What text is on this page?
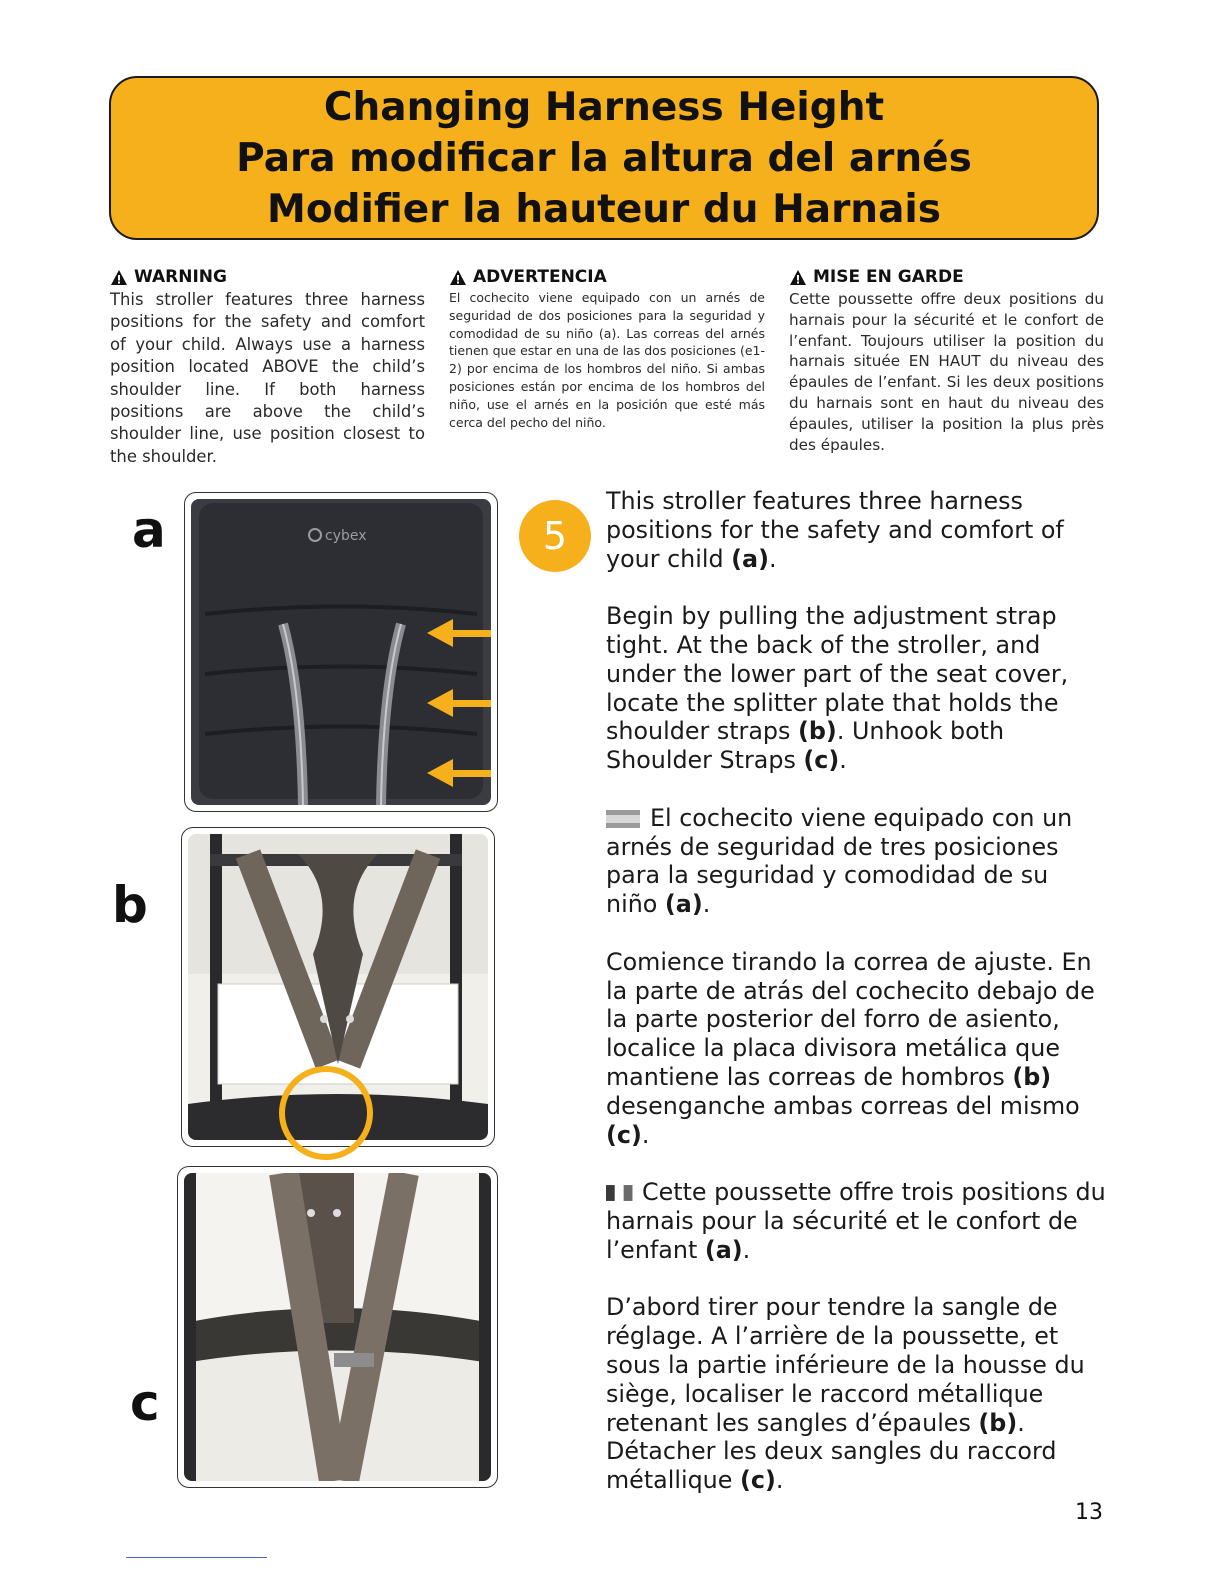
Changing Harness Height
Para modificar la altura del arnés
Modifier la hauteur du Harnais
WARNING
This stroller features three harness positions for the safety and comfort of your child. Always use a harness position located ABOVE the child’s shoulder line. If both harness positions are above the child’s shoulder line, use position closest to the shoulder.
ADVERTENCIA
El cochecito viene equipado con un arnés de seguridad de dos posiciones para la seguridad y comodidad de su niño (a). Las correas del arnés tienen que estar en una de las dos posiciones (e1-2) por encima de los hombros del niño. Si ambas posiciones están por encima de los hombros del niño, use el arnés en la posición que esté más cerca del pecho del niño.
MISE EN GARDE
Cette poussette offre deux positions du harnais pour la sécurité et le confort de l’enfant. Toujours utiliser la position du harnais située EN HAUT du niveau des épaules de l’enfant. Si les deux positions du harnais sont en haut du niveau des épaules, utiliser la position la plus près des épaules.
a
b
c
cybex	5

This stroller features three harness positions for the safety and comfort of your child (a).

Begin by pulling the adjustment strap tight. At the back of the stroller, and under the lower part of the seat cover, locate the splitter plate that holds the shoulder straps (b). Unhook both Shoulder Straps (c).

El cochecito viene equipado con un arnés de seguridad de tres posiciones para la seguridad y comodidad de su niño (a).

Comience tirando la correa de ajuste. En la parte de atrás del cochecito debajo de la parte posterior del forro de asiento, localice la placa divisora metálica que mantiene las correas de hombros (b) desenganche ambas correas del mismo (c).

Cette poussette offre trois positions du harnais pour la sécurité et le confort de l’enfant (a).

D’abord tirer pour tendre la sangle de réglage. A l’arrière de la poussette, et sous la partie inférieure de la housse du siège, localiser le raccord métallique retenant les sangles d’épaules (b). Détacher les deux sangles du raccord métallique (c).

13
